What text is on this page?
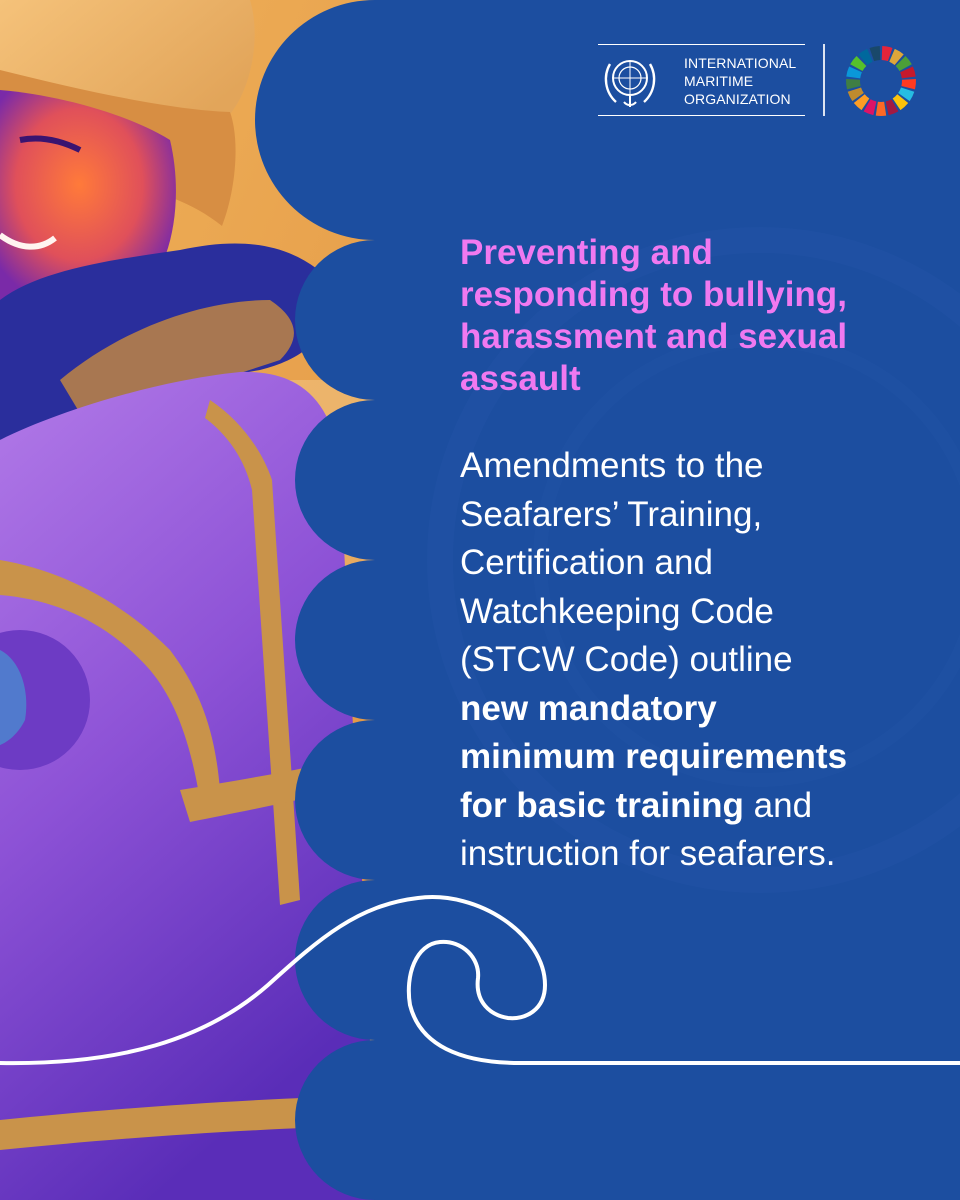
INTERNATIONAL
MARITIME
ORGANIZATION
Preventing and
responding to bullying,
harassment and sexual
assault

Amendments to the
Seafarers’ Training,
Certification and
Watchkeeping Code
(STCW Code) outline
new mandatory
minimum requirements
for basic training and
instruction for seafarers.
